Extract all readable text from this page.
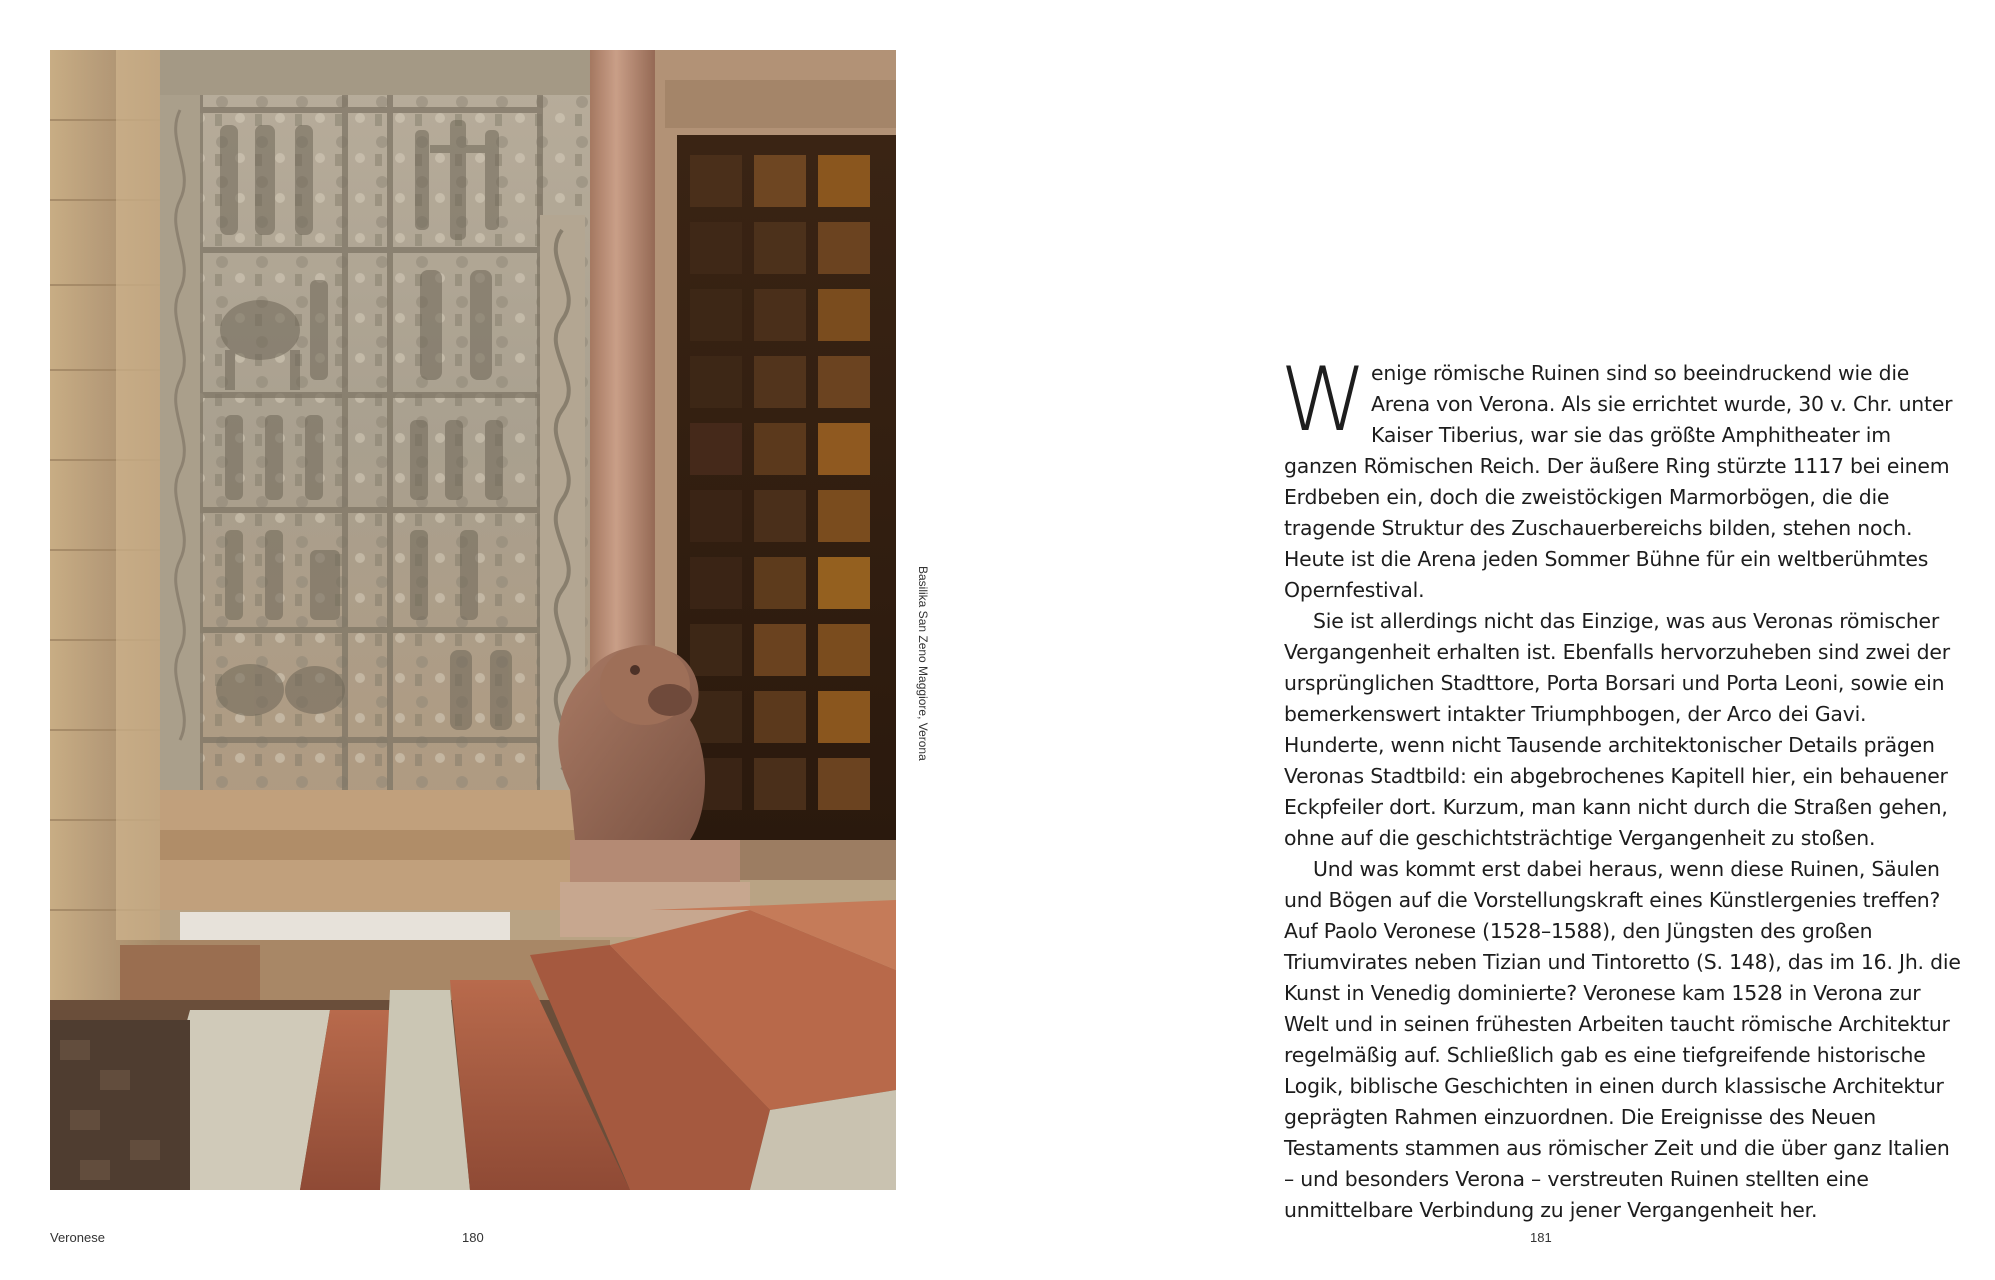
Basilika San Zeno Maggiore, Verona
Veronese	180

Wenige römische Ruinen sind so beeindruckend wie die Arena von Verona. Als sie errichtet wurde, 30 v. Chr. unter Kaiser Tiberius, war sie das größte Amphitheater im ganzen Römischen Reich. Der äußere Ring stürzte 1117 bei einem Erdbeben ein, doch die zweistöckigen Marmorbögen, die die tragende Struktur des Zuschauerbereichs bilden, stehen noch. Heute ist die Arena jeden Sommer Bühne für ein weltberühmtes Opernfestival.

Sie ist allerdings nicht das Einzige, was aus Veronas römischer Vergangenheit erhalten ist. Ebenfalls hervorzuheben sind zwei der ursprünglichen Stadttore, Porta Borsari und Porta Leoni, sowie ein bemerkenswert intakter Triumphbogen, der Arco dei Gavi. Hunderte, wenn nicht Tausende architektonischer Details prägen Veronas Stadtbild: ein abgebrochenes Kapitell hier, ein behauener Eckpfeiler dort. Kurzum, man kann nicht durch die Straßen gehen, ohne auf die geschichtsträchtige Vergangenheit zu stoßen.

Und was kommt erst dabei heraus, wenn diese Ruinen, Säulen und Bögen auf die Vorstellungskraft eines Künstlergenies treffen? Auf Paolo Veronese (1528–1588), den Jüngsten des großen Triumvirates neben Tizian und Tintoretto (S. 148), das im 16. Jh. die Kunst in Venedig dominierte? Veronese kam 1528 in Verona zur Welt und in seinen frühesten Arbeiten taucht römische Architektur regelmäßig auf. Schließlich gab es eine tiefgreifende historische Logik, biblische Geschichten in einen durch klassische Architektur geprägten Rahmen einzuordnen. Die Ereignisse des Neuen Testaments stammen aus römischer Zeit und die über ganz Italien – und besonders Verona – verstreuten Ruinen stellten eine unmittelbare Verbindung zu jener Vergangenheit her.

181
